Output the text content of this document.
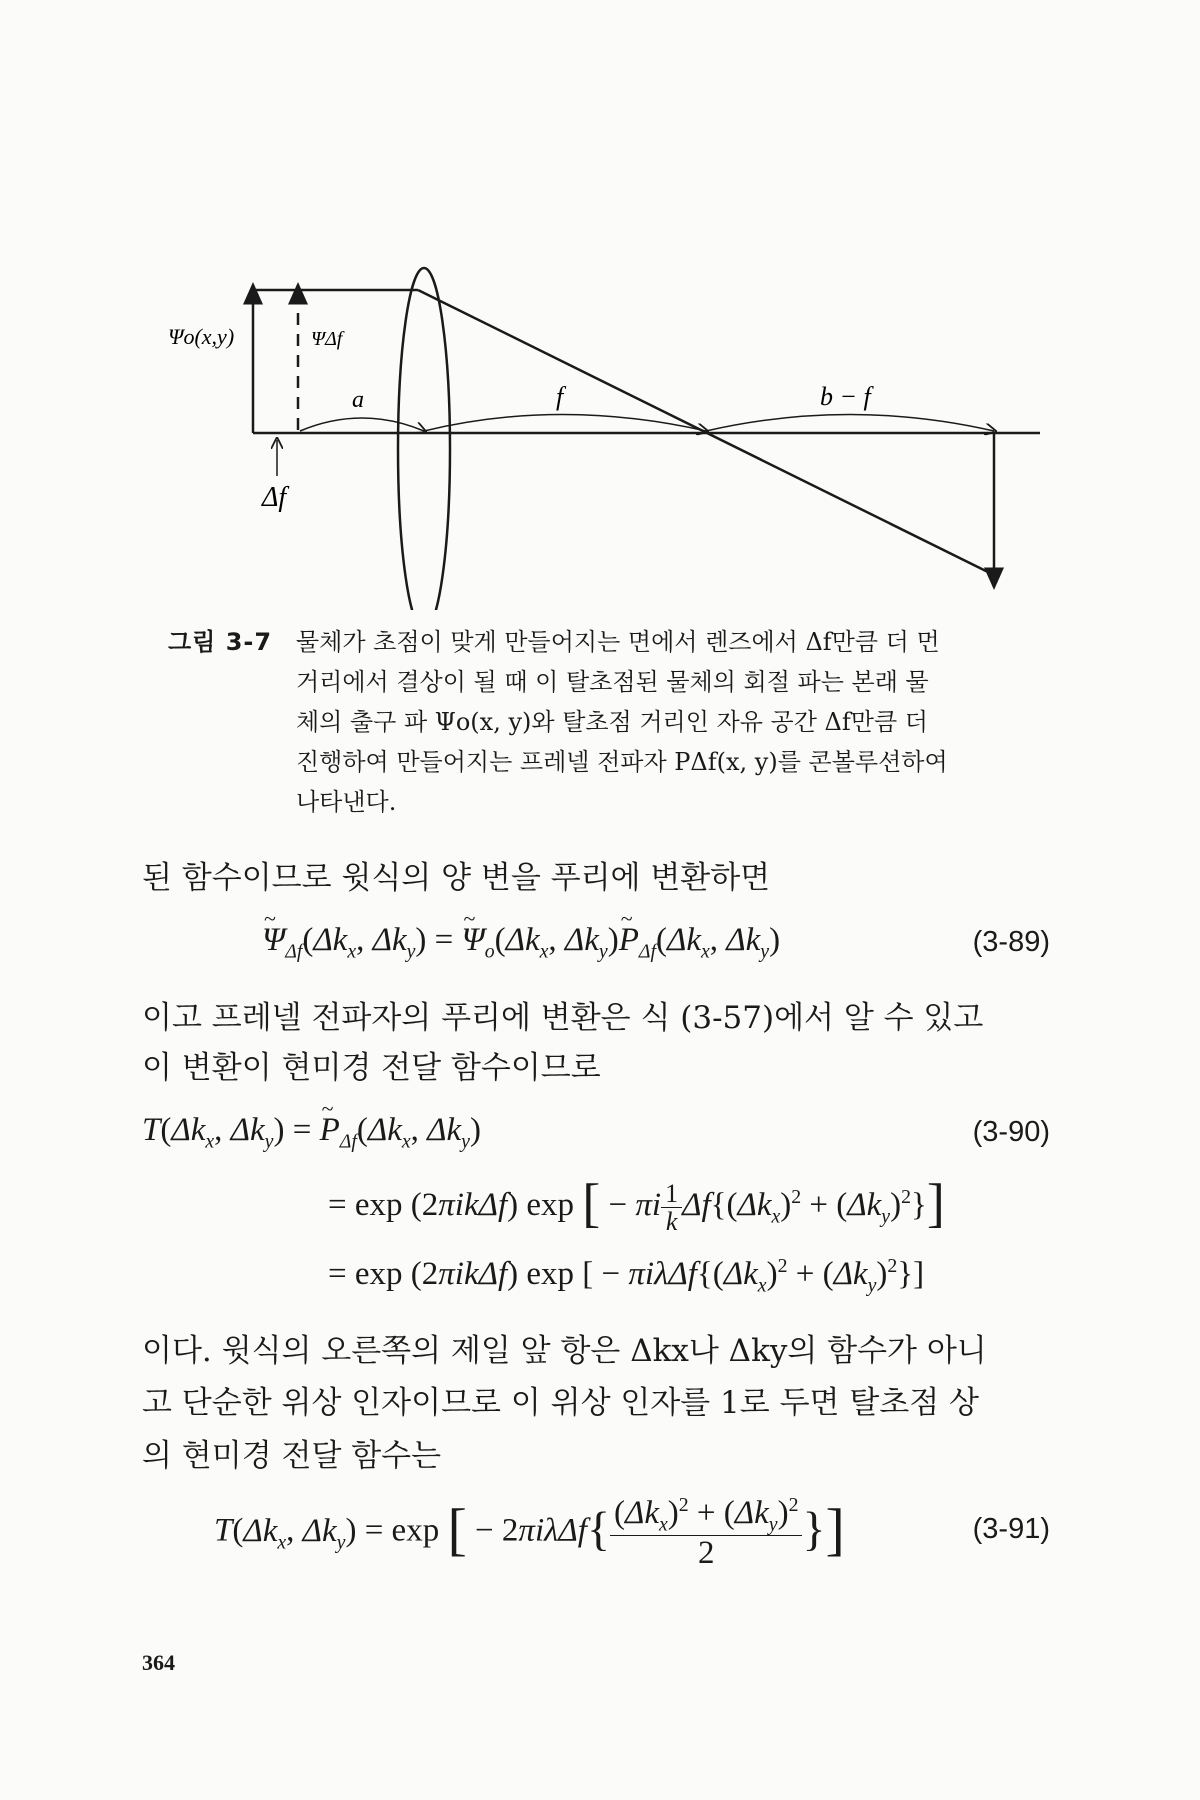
Ψo(x,y)	ΨΔf
a	f	b − f
Δf
그림 3-7 물체가 초점이 맞게 만들어지는 면에서 렌즈에서 Δf만큼 더 먼
거리에서 결상이 될 때 이 탈초점된 물체의 회절 파는 본래 물
체의 출구 파 Ψo(x, y)와 탈초점 거리인 자유 공간 Δf만큼 더
진행하여 만들어지는 프레넬 전파자 PΔf(x, y)를 콘볼루션하여
나타낸다.
된 함수이므로 윗식의 양 변을 푸리에 변환하면
~ $\Psi_{\Delta f}(\Delta k_x$, $\Delta k_y$) = ~ $\Psi_o(\Delta k_x$, $\Delta k_y)\sim$ $P_{\Delta f}(\Delta k_x$, $\Delta k_y$)	(3-89)
이고 프레넬 전파자의 푸리에 변환은 식 (3-57)에서 알 수 있고
이 변환이 현미경 전달 함수이므로
$T(\Delta k_x$, $\Delta k_y$) = ~ $P_{\Delta f}(\Delta k_x$, $\Delta k_y$)	(3-90)
= exp (2πikΔf) exp [ − πi $\frac{1}{k} \Delta f\{(\Delta k_x)^2 + (\Delta k_y)^2\}$]
= exp (2πikΔf) exp [ − $\pi i\lambda\Delta f\{(\Delta k_x)^2 + (\Delta k_y)^2\}$]
이다. 윗식의 오른쪽의 제일 앞 항은 Δkx나 Δky의 함수가 아니
고 단순한 위상 인자이므로 이 위상 인자를 1로 두면 탈초점 상
의 현미경 전달 함수는
$T(\Delta k_x$, $\Delta k_y) = \exp$ [ − $2\pi i\lambda\Delta f\{ \frac{(\Delta k_x)^2 + (\Delta k_y)^2}{2}$ }]	(3-91)
364
